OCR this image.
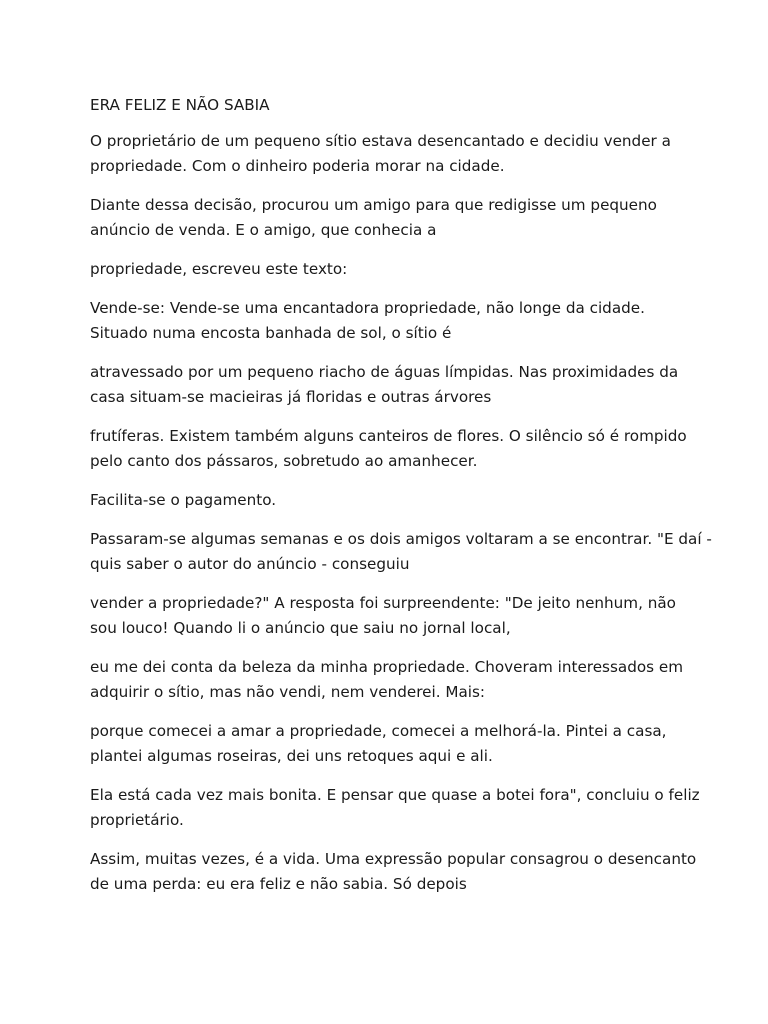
ERA FELIZ E NÃO SABIA

O proprietário de um pequeno sítio estava desencantado e decidiu vender a
propriedade. Com o dinheiro poderia morar na cidade.

Diante dessa decisão, procurou um amigo para que redigisse um pequeno
anúncio de venda. E o amigo, que conhecia a

propriedade, escreveu este texto:

Vende-se: Vende-se uma encantadora propriedade, não longe da cidade.
Situado numa encosta banhada de sol, o sítio é

atravessado por um pequeno riacho de águas límpidas. Nas proximidades da
casa situam-se macieiras já floridas e outras árvores

frutíferas. Existem também alguns canteiros de flores. O silêncio só é rompido
pelo canto dos pássaros, sobretudo ao amanhecer.

Facilita-se o pagamento.

Passaram-se algumas semanas e os dois amigos voltaram a se encontrar. "E daí -
quis saber o autor do anúncio - conseguiu

vender a propriedade?" A resposta foi surpreendente: "De jeito nenhum, não
sou louco! Quando li o anúncio que saiu no jornal local,

eu me dei conta da beleza da minha propriedade. Choveram interessados em
adquirir o sítio, mas não vendi, nem venderei. Mais:

porque comecei a amar a propriedade, comecei a melhorá-la. Pintei a casa,
plantei algumas roseiras, dei uns retoques aqui e ali.

Ela está cada vez mais bonita. E pensar que quase a botei fora", concluiu o feliz
proprietário.

Assim, muitas vezes, é a vida. Uma expressão popular consagrou o desencanto
de uma perda: eu era feliz e não sabia. Só depois
